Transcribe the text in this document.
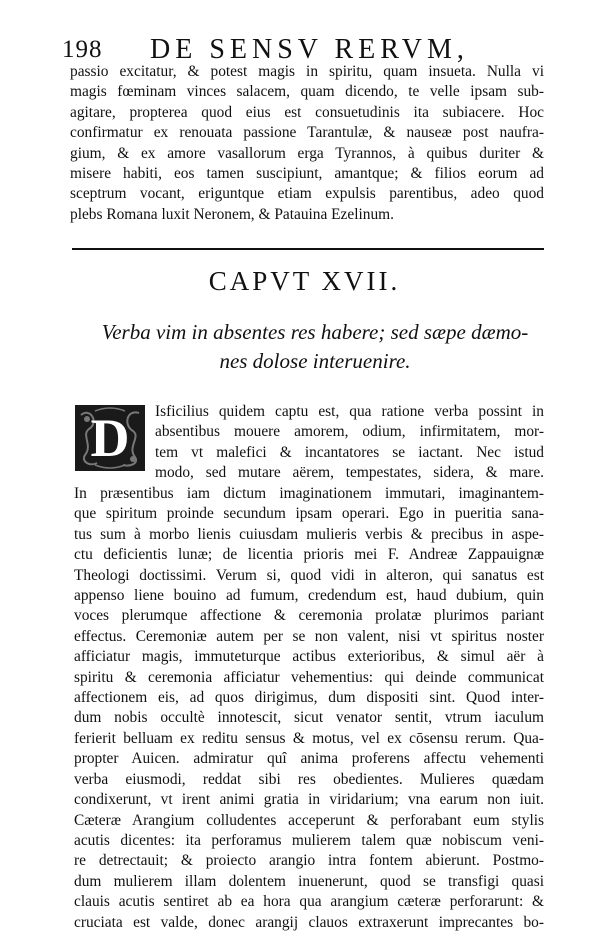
198 DE SENSV RERVM,
passio excitatur, & potest magis in spiritu, quam insueta. Nulla vi
magis fœminam vinces salacem, quam dicendo, te velle ipsam sub-
agitare, propterea quod eius est consuetudinis ita subiacere. Hoc
confirmatur ex renouata passione Tarantulæ, & nauseæ post naufra-
gium, & ex amore vasallorum erga Tyrannos, à quibus duriter &
misere habiti, eos tamen suscipiunt, amantque; & filios eorum ad
sceptrum vocant, eriguntque etiam expulsis parentibus, adeo quod
plebs Romana luxit Neronem, & Patauina Ezelinum.
CAPVT XVII.
Verba vim in absentes res habere; sed sæpe dæmo-
nes dolose interuenire.
D Isficilius quidem captu est, qua ratione verba possint in
absentibus mouere amorem, odium, infirmitatem, mor-
tem vt malefici & incantatores se iactant. Nec istud
modo, sed mutare aërem, tempestates, sidera, & mare.
In præsentibus iam dictum imaginationem immutari, imaginantem-
que spiritum proinde secundum ipsam operari. Ego in pueritia sana-
tus sum à morbo lienis cuiusdam mulieris verbis & precibus in aspe-
ctu deficientis lunæ; de licentia prioris mei F. Andreæ Zappauignæ
Theologi doctissimi. Verum si, quod vidi in alteron, qui sanatus est
appenso liene bouino ad fumum, credendum est, haud dubium, quin
voces plerumque affectione & ceremonia prolatæ plurimos pariant
effectus. Ceremoniæ autem per se non valent, nisi vt spiritus noster
afficiatur magis, immuteturque actibus exterioribus, & simul aër à
spiritu & ceremonia afficiatur vehementius: qui deinde communicat
affectionem eis, ad quos dirigimus, dum dispositi sint. Quod inter-
dum nobis occultè innotescit, sicut venator sentit, vtrum iaculum
ferierit belluam ex reditu sensus & motus, vel ex cōsensu rerum. Qua-
propter Auicen. admiratur quî anima proferens affectu vehementi
verba eiusmodi, reddat sibi res obedientes. Mulieres quædam
condixerunt, vt irent animi gratia in viridarium; vna earum non iuit.
Cæteræ Arangium colludentes acceperunt & perforabant eum stylis
acutis dicentes: ita perforamus mulierem talem quæ nobiscum veni-
re detrectauit; & proiecto arangio intra fontem abierunt. Postmo-
dum mulierem illam dolentem inuenerunt, quod se transfigi quasi
clauis acutis sentiret ab ea hora qua arangium cæteræ perforarunt: &
cruciata est valde, donec arangij clauos extraxerunt imprecantes bo-
